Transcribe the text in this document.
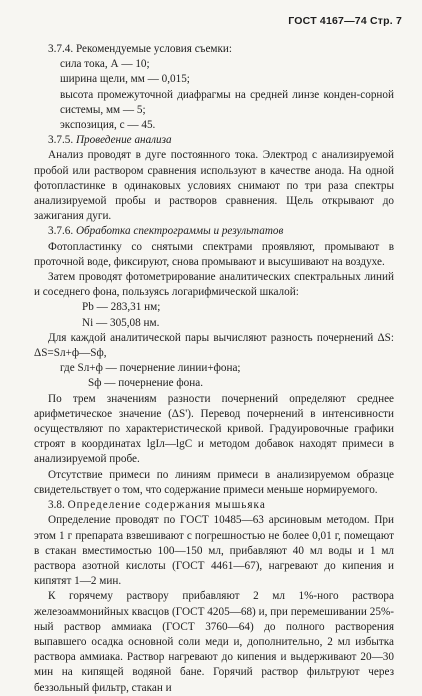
ГОСТ 4167—74 Стр. 7

3.7.4. Рекомендуемые условия съемки:

сила тока, А — 10;

ширина щели, мм — 0,015;

высота промежуточной диафрагмы на средней линзе конден-сорной системы, мм — 5;

экспозиция, с — 45.

3.7.5. Проведение анализа

Анализ проводят в дуге постоянного тока. Электрод с анализируемой пробой или раствором сравнения используют в качестве анода. На одной фотопластинке в одинаковых условиях снимают по три раза спектры анализируемой пробы и растворов сравнения. Щель открывают до зажигания дуги.

3.7.6. Обработка спектрограммы и результатов

Фотопластинку со снятыми спектрами проявляют, промывают в проточной воде, фиксируют, снова промывают и высушивают на воздухе.

Затем проводят фотометрирование аналитических спектральных линий и соседнего фона, пользуясь логарифмической шкалой:

Pb — 283,31 нм;

Ni — 305,08 нм.

Для каждой аналитической пары вычисляют разность почернений ΔS: ΔS=Sл+ф—Sф,

где Sл+ф — почернение линии+фона;

Sф — почернение фона.

По трем значениям разности почернений определяют среднее арифметическое значение (ΔS'). Перевод почернений в интенсивности осуществляют по характеристической кривой. Градуировочные графики строят в координатах lgIл—lgC и методом добавок находят примеси в анализируемой пробе.

Отсутствие примеси по линиям примеси в анализируемом образце свидетельствует о том, что содержание примеси меньше нормируемого.

3.8. Определение содержания мышьяка

Определение проводят по ГОСТ 10485—63 арсиновым методом. При этом 1 г препарата взвешивают с погрешностью не более 0,01 г, помещают в стакан вместимостью 100—150 мл, прибавляют 40 мл воды и 1 мл раствора азотной кислоты (ГОСТ 4461—67), нагревают до кипения и кипятят 1—2 мин.

К горячему раствору прибавляют 2 мл 1%-ного раствора железоаммонийных квасцов (ГОСТ 4205—68) и, при перемешивании 25%-ный раствор аммиака (ГОСТ 3760—64) до полного растворения выпавшего осадка основной соли меди и, дополнительно, 2 мл избытка раствора аммиака. Раствор нагревают до кипения и выдерживают 20—30 мин на кипящей водяной бане. Горячий раствор фильтруют через беззольный фильтр, стакан и
